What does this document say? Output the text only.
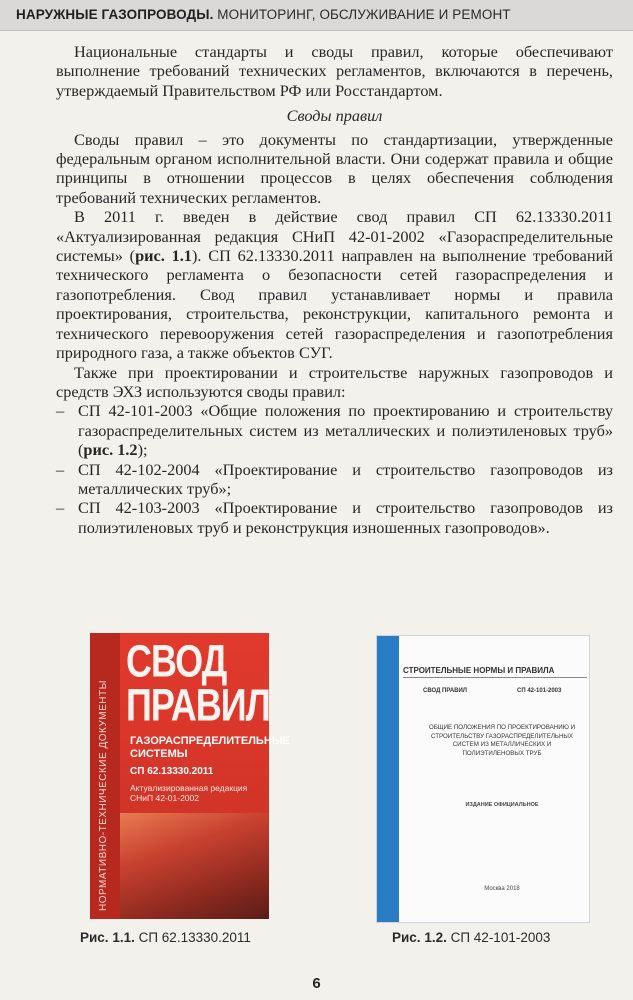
НАРУЖНЫЕ ГАЗОПРОВОДЫ. МОНИТОРИНГ, ОБСЛУЖИВАНИЕ И РЕМОНТ

Национальные стандарты и своды правил, которые обеспечивают выполнение требований технических регламентов, включаются в перечень, утверждаемый Правительством РФ или Росстандартом.

Своды правил

Своды правил – это документы по стандартизации, утвержденные федеральным органом исполнительной власти. Они содержат правила и общие принципы в отношении процессов в целях обеспечения соблюдения требований технических регламентов.

В 2011 г. введен в действие свод правил СП 62.13330.2011 «Актуализированная редакция СНиП 42-01-2002 «Газораспределительные системы» (рис. 1.1). СП 62.13330.2011 направлен на выполнение требований технического регламента о безопасности сетей газораспределения и газопотребления. Свод правил устанавливает нормы и правила проектирования, строительства, реконструкции, капитального ремонта и технического перевооружения сетей газораспределения и газопотребления природного газа, а также объектов СУГ.

Также при проектировании и строительстве наружных газопроводов и средств ЭХЗ используются своды правил:

– СП 42-101-2003 «Общие положения по проектированию и строительству газораспределительных систем из металлических и полиэтиленовых труб» (рис. 1.2);
– СП 42-102-2004 «Проектирование и строительство газопроводов из металлических труб»;
– СП 42-103-2003 «Проектирование и строительство газопроводов из полиэтиленовых труб и реконструкция изношенных газопроводов».
НОРМАТИВНО-ТЕХНИЧЕСКИЕ ДОКУМЕНТЫ
СВОД
ПРАВИЛ
ГАЗОРАСПРЕДЕЛИТЕЛЬНЫЕ СИСТЕМЫ
СП 62.13330.2011
Актуализированная редакция СНиП 42-01-2002
СТРОИТЕЛЬНЫЕ НОРМЫ И ПРАВИЛА
СВОД ПРАВИЛ	СП 42-101-2003
ОБЩИЕ ПОЛОЖЕНИЯ ПО ПРОЕКТИРОВАНИЮ И СТРОИТЕЛЬСТВУ ГАЗОРАСПРЕДЕЛИТЕЛЬНЫХ СИСТЕМ ИЗ МЕТАЛЛИЧЕСКИХ И ПОЛИЭТИЛЕНОВЫХ ТРУБ
ИЗДАНИЕ ОФИЦИАЛЬНОЕ
Москва 2018
Рис. 1.1. СП 62.13330.2011	Рис. 1.2. СП 42-101-2003
6
